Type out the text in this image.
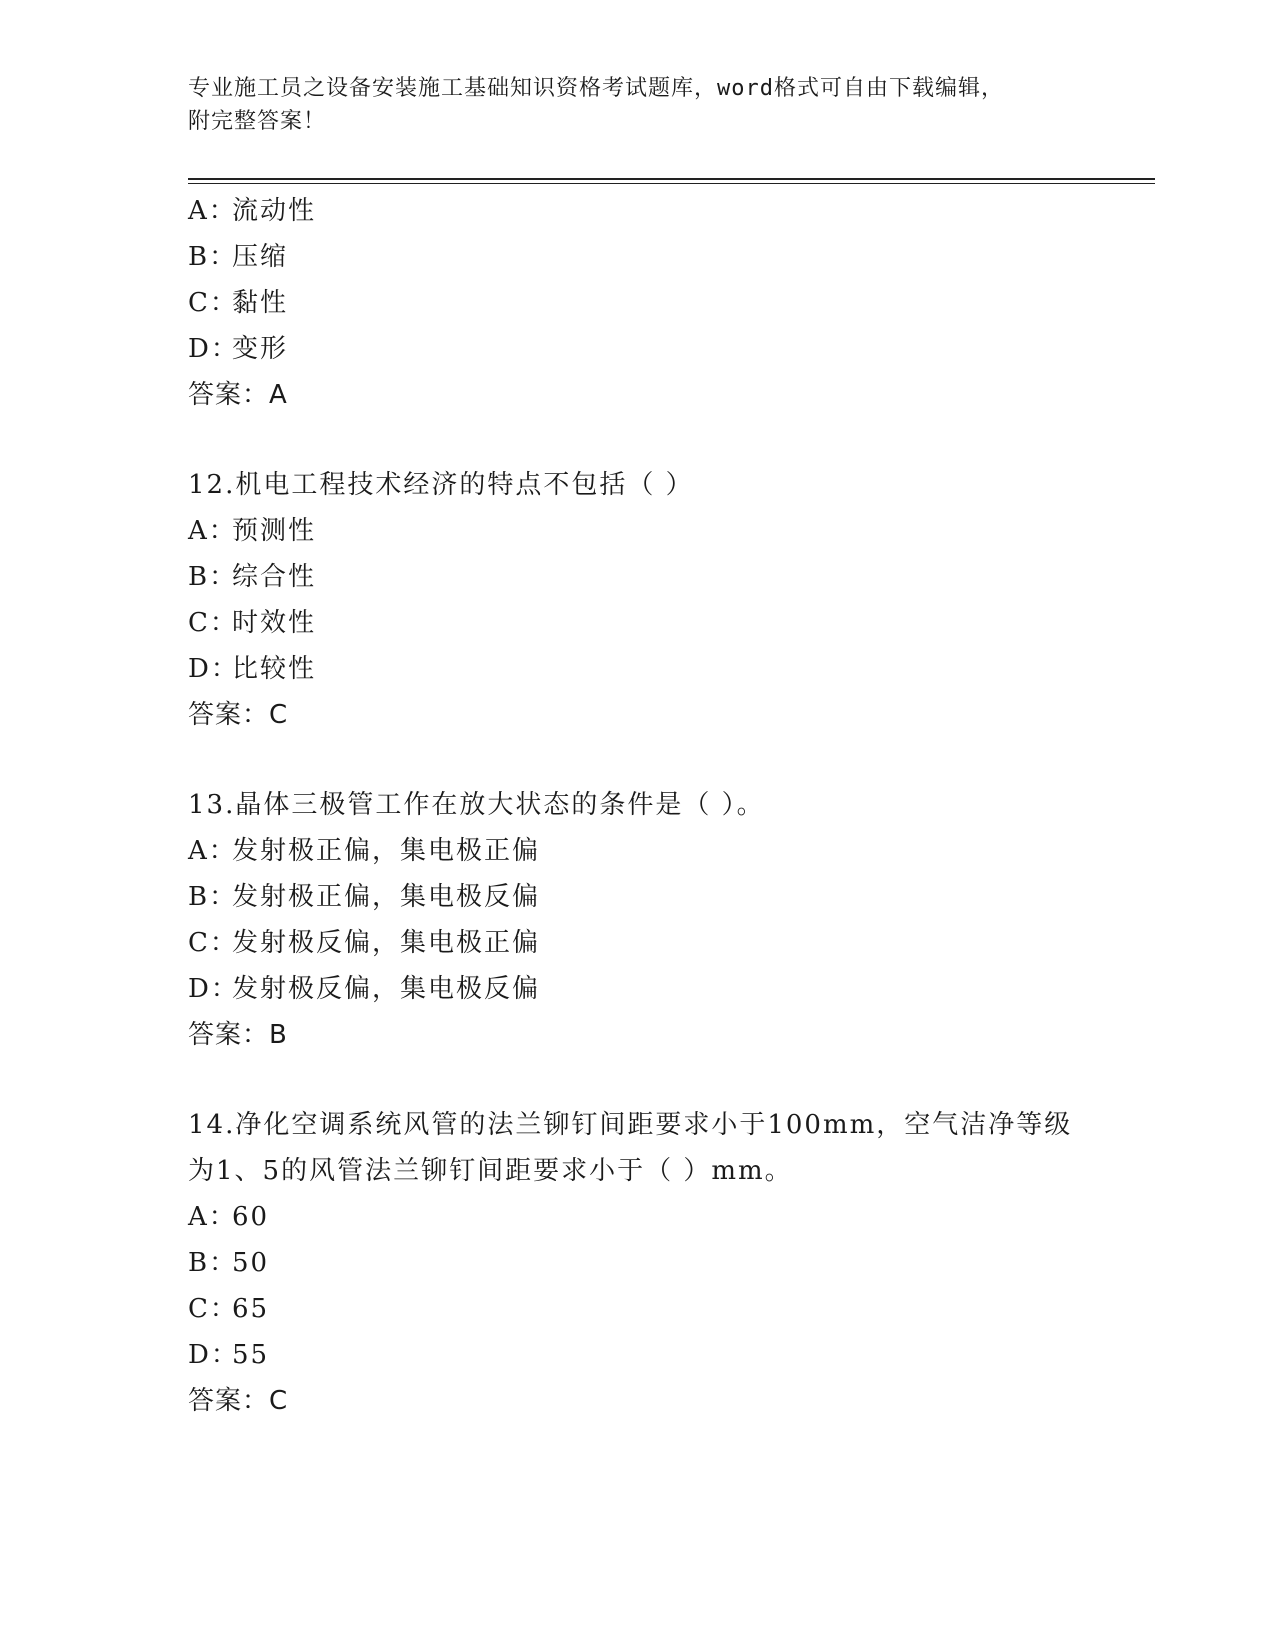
专业施工员之设备安装施工基础知识资格考试题库，word格式可自由下载编辑，
附完整答案！
A：流动性
B：压缩
C：黏性
D：变形
答案：A
12.机电工程技术经济的特点不包括（ ）
A：预测性
B：综合性
C：时效性
D：比较性
答案：C
13.晶体三极管工作在放大状态的条件是（ ）。
A：发射极正偏，集电极正偏
B：发射极正偏，集电极反偏
C：发射极反偏，集电极正偏
D：发射极反偏，集电极反偏
答案：B
14.净化空调系统风管的法兰铆钉间距要求小于100mm，空气洁净等级
为1、5的风管法兰铆钉间距要求小于（ ）mm。
A：60
B：50
C：65
D：55
答案：C
